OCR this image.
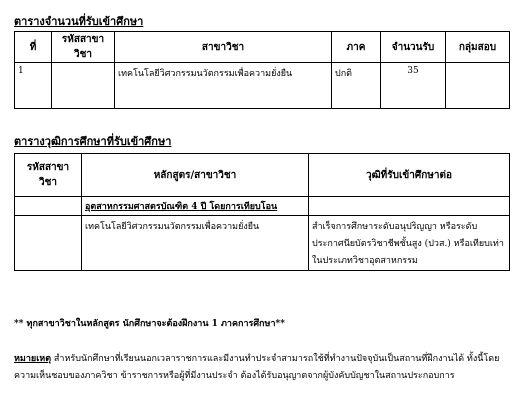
ตารางจำนวนที่รับเข้าศึกษา
ที่	รหัสสาขาวิชา	สาขาวิชา	ภาค	จำนวนรับ	กลุ่มสอบ
1		เทคโนโลยีวิศวกรรมนวัตกรรมเพื่อความยั่งยืน	ปกติ	35	
ตารางวุฒิการศึกษาที่รับเข้าศึกษา
รหัสสาขาวิชา	หลักสูตร/สาขาวิชา	วุฒิที่รับเข้าศึกษาต่อ
	อุตสาหกรรมศาสตรบัณฑิต 4 ปี โดยการเทียบโอน	
	เทคโนโลยีวิศวกรรมนวัตกรรมเพื่อความยั่งยืน	สำเร็จการศึกษาระดับอนุปริญญา หรือระดับประกาศนียบัตรวิชาชีพชั้นสูง (ปวส.) หรือเทียบเท่า ในประเภทวิชาอุตสาหกรรม
** ทุกสาขาวิชาในหลักสูตร นักศึกษาจะต้องฝึกงาน 1 ภาคการศึกษา**
หมายเหตุ สำหรับนักศึกษาที่เรียนนอกเวลาราชการและมีงานทำประจำสามารถใช้ที่ทำงานปัจจุบันเป็นสถานที่ฝึกงานได้ ทั้งนี้โดยความเห็นชอบของภาควิชา ข้าราชการหรือผู้ที่มีงานประจำ ต้องได้รับอนุญาตจากผู้บังคับบัญชาในสถานประกอบการ
